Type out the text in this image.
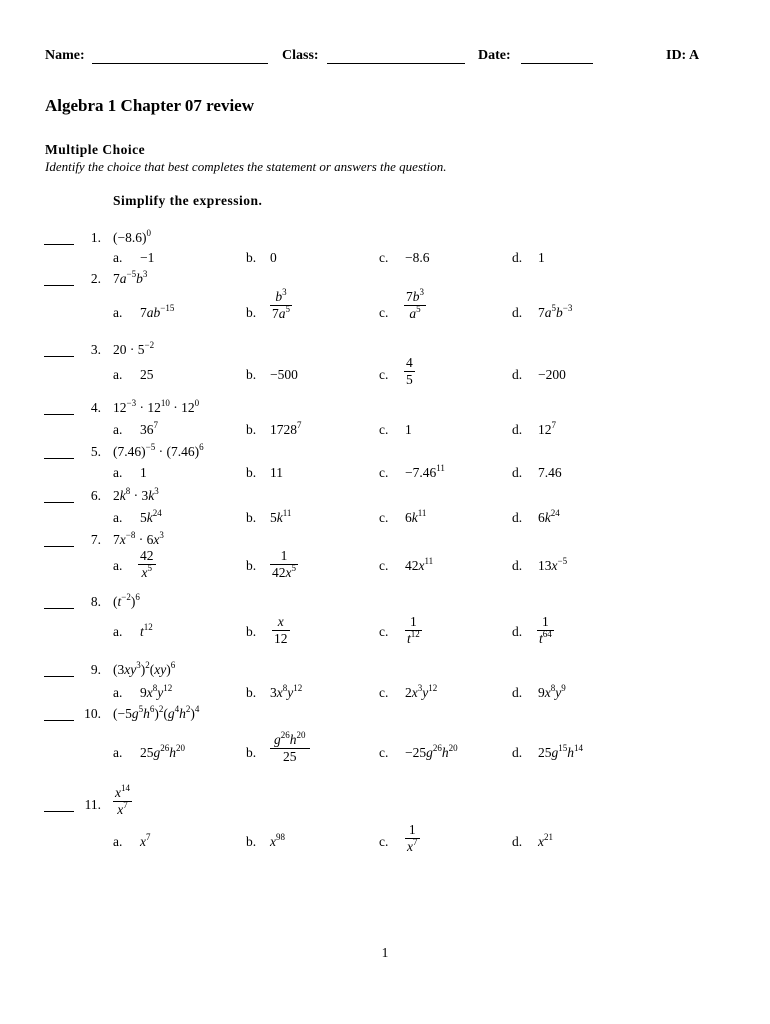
Name:	Class:	Date:	ID: A
Algebra 1 Chapter 07 review
Multiple Choice
Identify the choice that best completes the statement or answers the question.
Simplify the expression.
1. $(-8.6)^0$
a. −1	b. 0	c. −8.6	d. 1
2. $7a^{-5}b^3$
a. $7ab^{-15}$	b. $\frac{b^3}{7a^5}$	c. $\frac{7b^3}{a^5}$	d. $7a^5b^{-3}$
3. $20 \cdot 5^{-2}$
a. 25	b. −500	c. $\frac{4}{5}$	d. −200
4. $12^{-3} \cdot 12^{10} \cdot 12^0$
a. $36^7$	b. 1728$^7$	c. 1	d. $12^7$
5. $(7.46)^{-5} \cdot (7.46)^6$
a. 1	b. 11	c. $-7.46^{11}$	d. 7.46
6. $2k^8 \cdot 3k^3$
a. $5k^{24}$	b. $5k^{11}$	c. $6k^{11}$	d. $6k^{24}$
7. $7x^{-8} \cdot 6x^3$
a. $\frac{42}{x^5}$	b. $\frac{1}{42x^5}$	c. $42x^{11}$	d. $13x^{-5}$
8. $(t^{-2})^6$
a. $t^{12}$	b. $\frac{x}{12}$	c. $\frac{1}{t^{12}}$	d. $\frac{1}{t^{64}}$
9. $(3xy^3)^2(xy)^6$
a. $9x^8y^{12}$	b. $3x^8y^{12}$	c. $2x^3y^{12}$	d. $9x^8y^9$
10. $(-5g^5h^6)^2(g^4h^2)^4$
a. $25g^{26}h^{20}$	b. $\frac{g^{26}h^{20}}{25}$	c. $-25g^{26}h^{20}$	d. $25g^{15}h^{14}$
11. $\frac{x^{14}}{x^7}$
a. $x^7$	b. $x^{98}$	c. $\frac{1}{x^7}$	d. $x^{21}$
1
